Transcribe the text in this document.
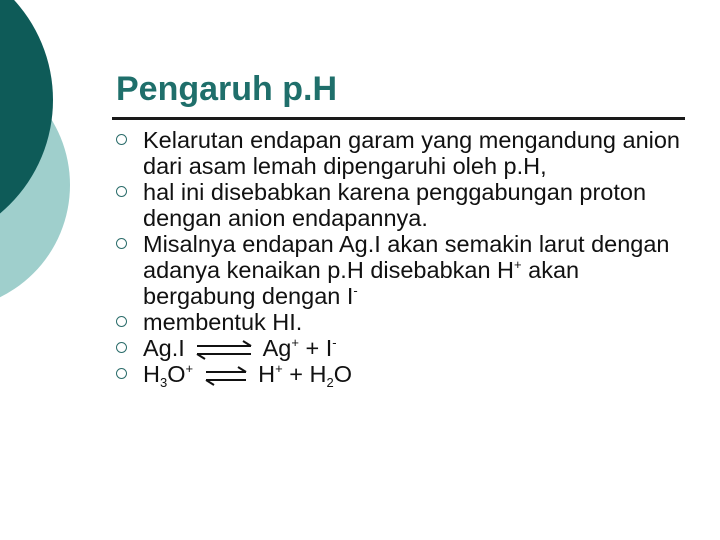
Pengaruh p.H
Kelarutan endapan garam yang mengandung anion dari asam lemah dipengaruhi oleh p.H,
hal ini disebabkan karena penggabungan proton dengan anion endapannya.
Misalnya endapan Ag.I akan semakin larut dengan adanya kenaikan p.H disebabkan H+ akan bergabung dengan I-
membentuk HI.
Ag.I ⇌ Ag+ + I-
$H_3O^+$ ⇌ $H^+ + H_2O$
